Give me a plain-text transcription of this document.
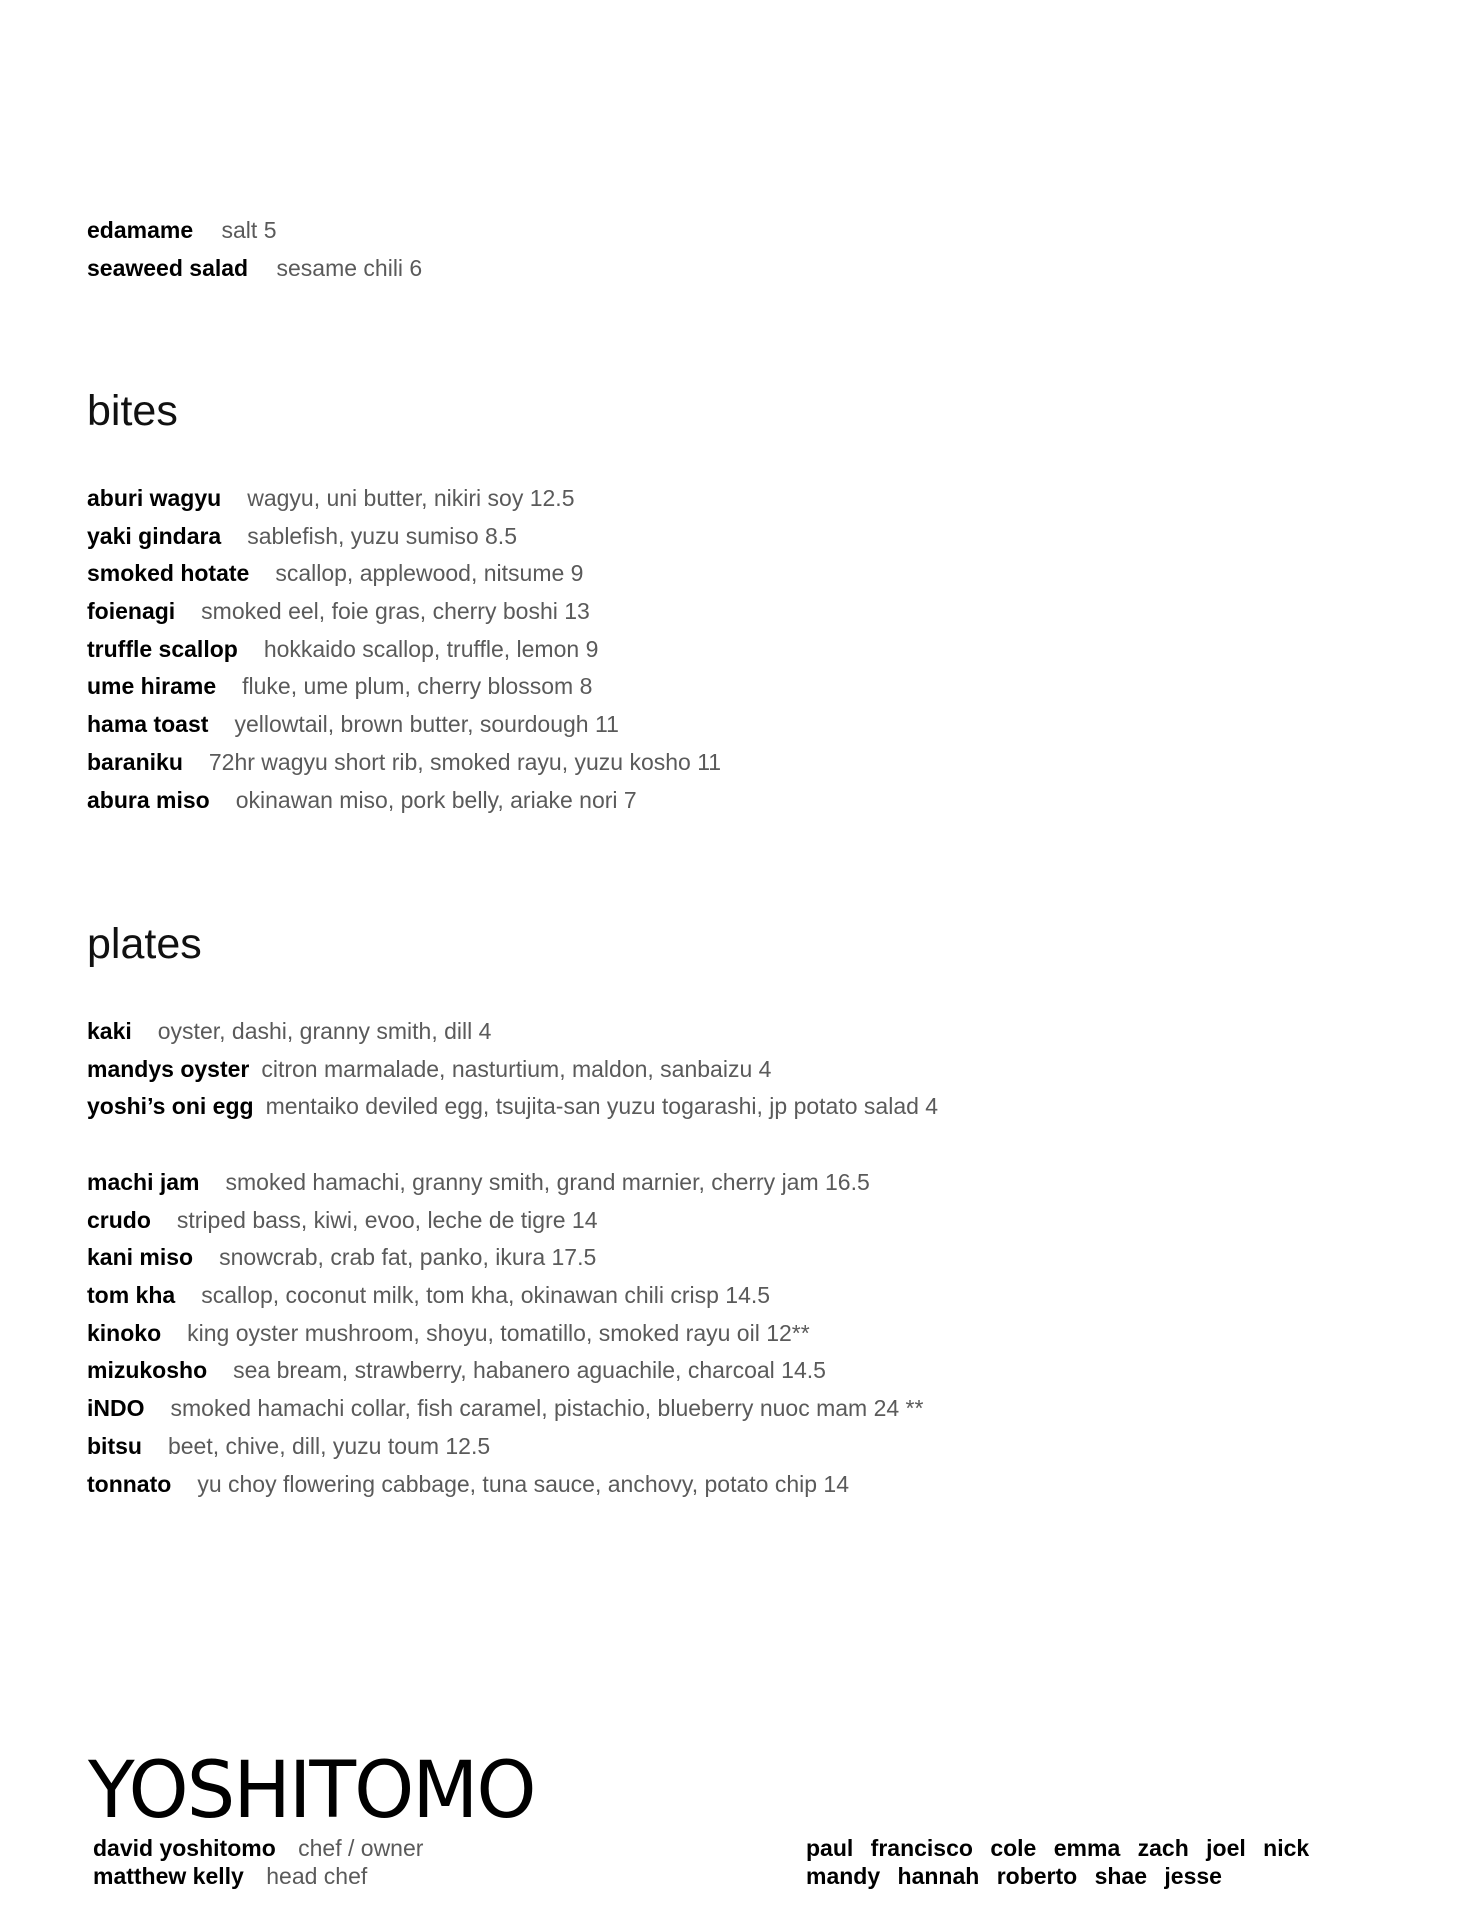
edamame salt 5
seaweed salad sesame chili 6
bites
aburi wagyu wagyu, uni butter, nikiri soy 12.5
yaki gindara sablefish, yuzu sumiso 8.5
smoked hotate scallop, applewood, nitsume 9
foienagi smoked eel, foie gras, cherry boshi 13
truffle scallop hokkaido scallop, truffle, lemon 9
ume hirame fluke, ume plum, cherry blossom 8
hama toast yellowtail, brown butter, sourdough 11
baraniku 72hr wagyu short rib, smoked rayu, yuzu kosho 11
abura miso okinawan miso, pork belly, ariake nori 7
plates
kaki oyster, dashi, granny smith, dill 4
mandys oyster citron marmalade, nasturtium, maldon, sanbaizu 4
yoshi’s oni egg mentaiko deviled egg, tsujita-san yuzu togarashi, jp potato salad 4
machi jam smoked hamachi, granny smith, grand marnier, cherry jam 16.5
crudo striped bass, kiwi, evoo, leche de tigre 14
kani miso snowcrab, crab fat, panko, ikura 17.5
tom kha scallop, coconut milk, tom kha, okinawan chili crisp 14.5
kinoko king oyster mushroom, shoyu, tomatillo, smoked rayu oil 12**
mizukosho sea bream, strawberry, habanero aguachile, charcoal 14.5
iNDO smoked hamachi collar, fish caramel, pistachio, blueberry nuoc mam 24 **
bitsu beet, chive, dill, yuzu toum 12.5
tonnato yu choy flowering cabbage, tuna sauce, anchovy, potato chip 14
YOSHITOMO
david yoshitomo chef / owner
matthew kelly head chef
paul francisco cole emma zach joel nick
mandy hannah roberto shae jesse
